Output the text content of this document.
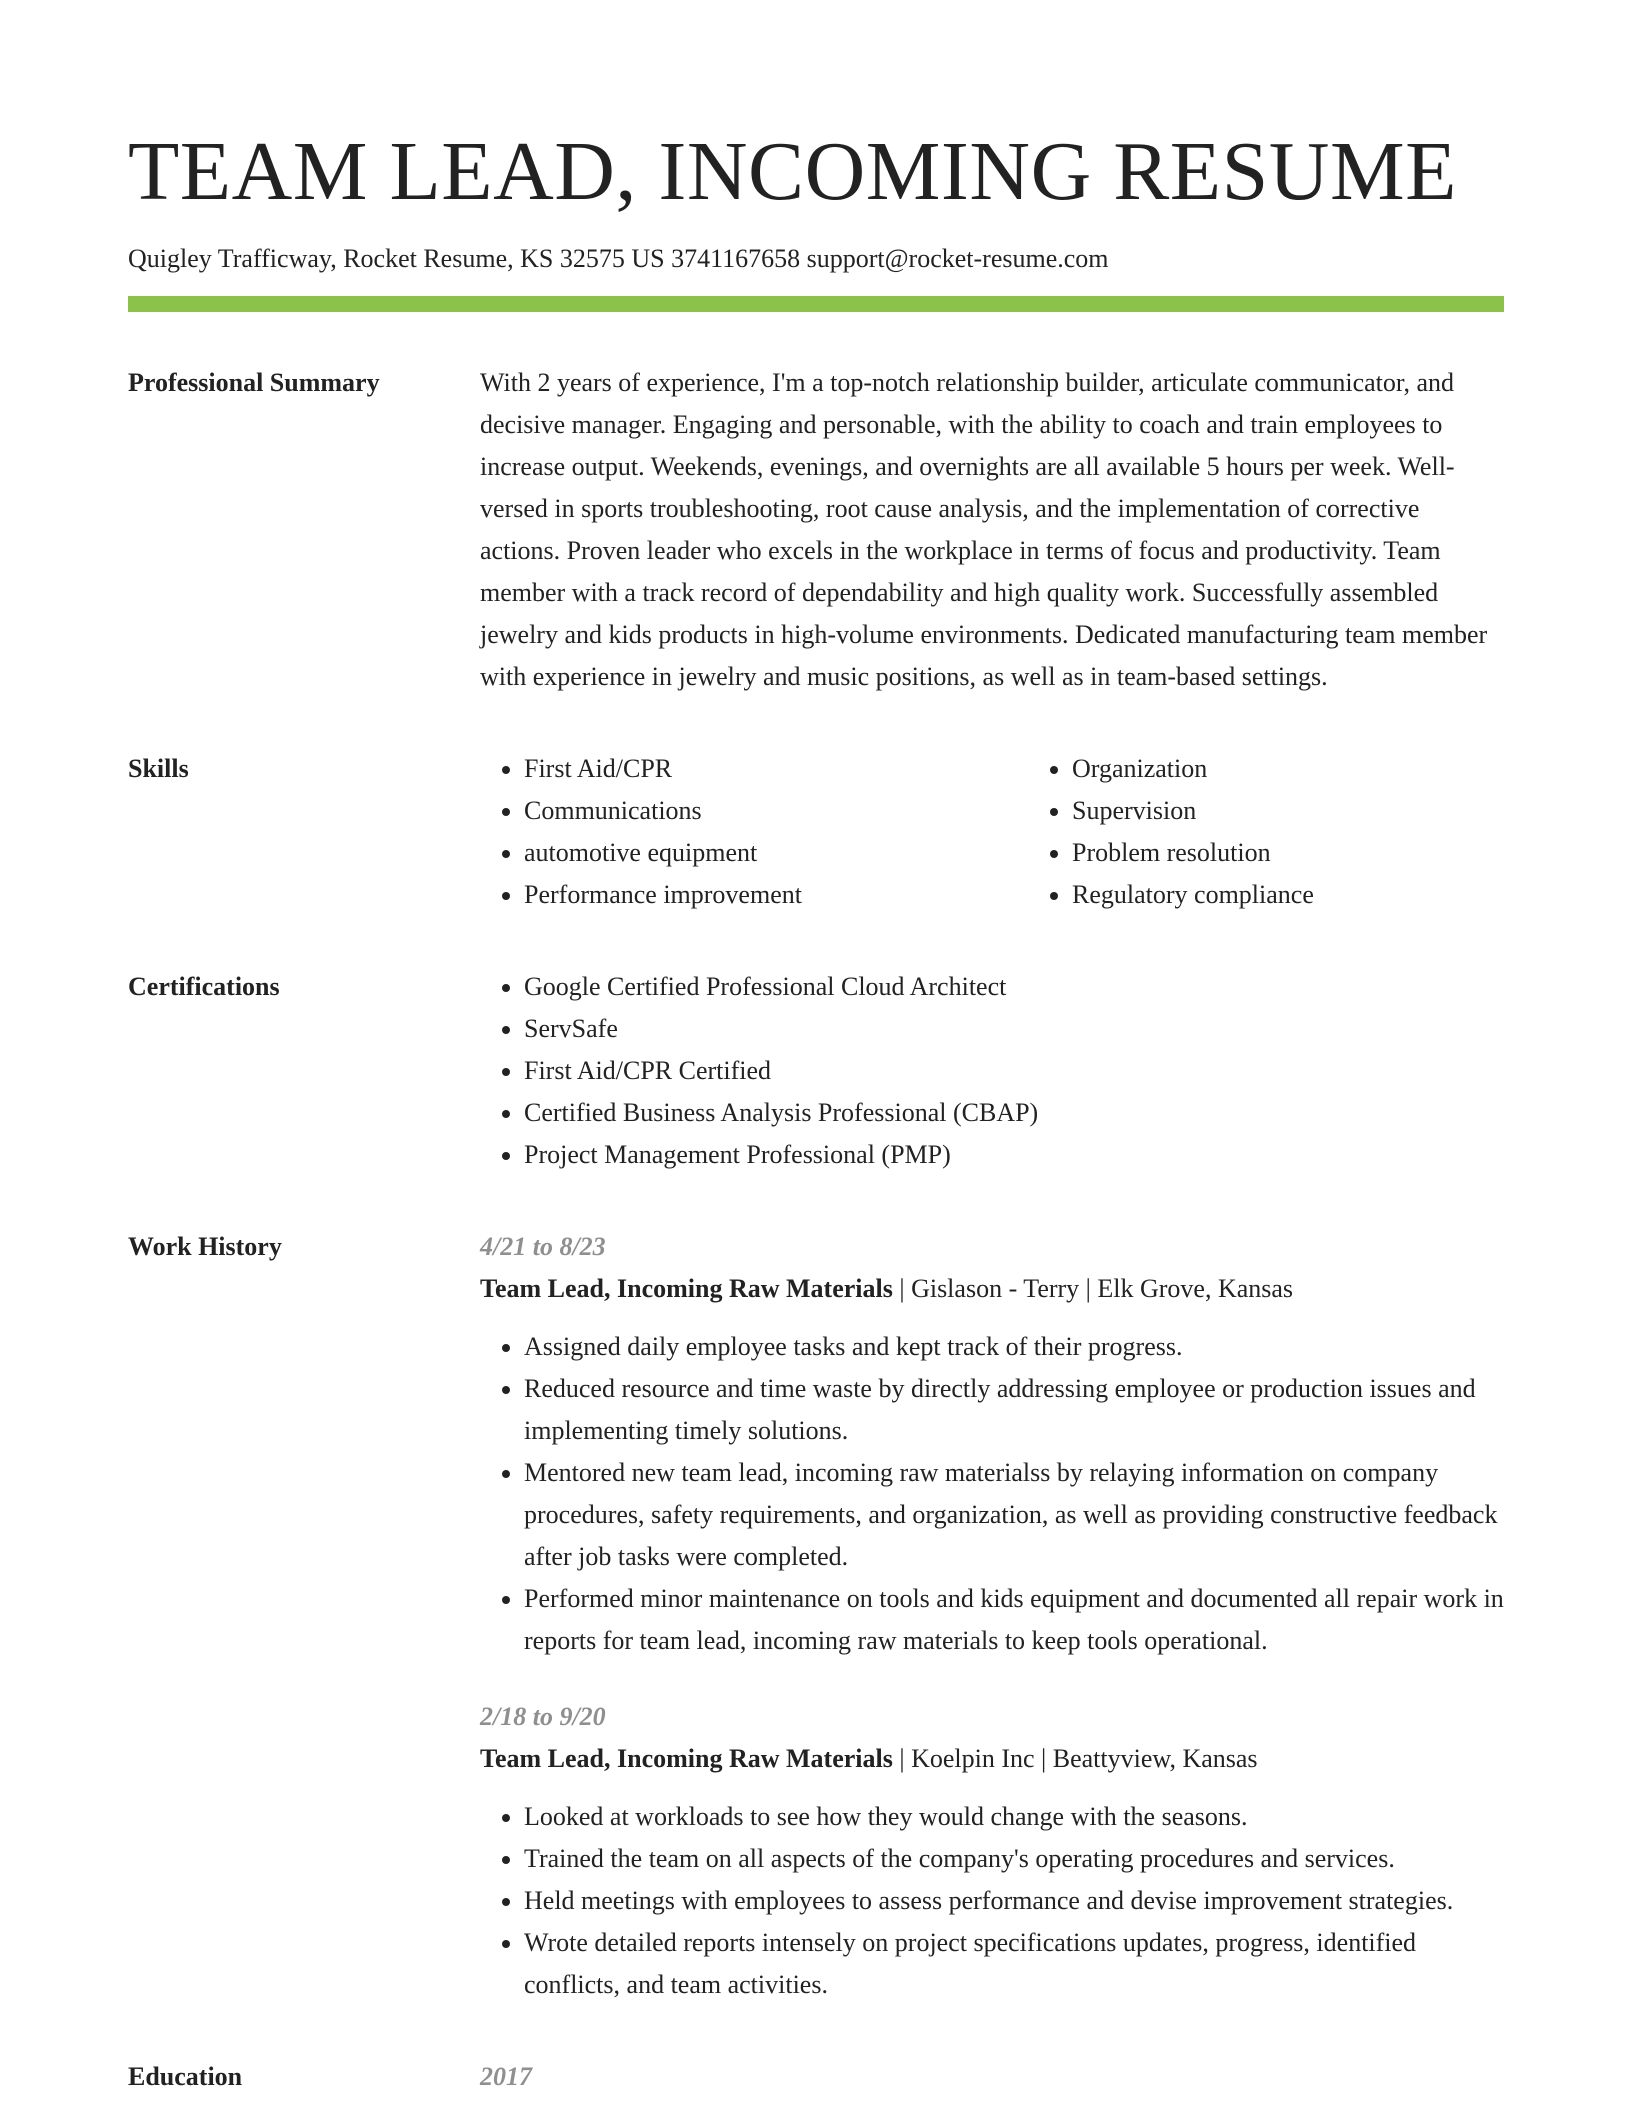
TEAM LEAD, INCOMING RESUME
Quigley Trafficway, Rocket Resume, KS 32575 US 3741167658 support@rocket-resume.com
Professional Summary	With 2 years of experience, I'm a top-notch relationship builder, articulate communicator, and decisive manager. Engaging and personable, with the ability to coach and train employees to increase output. Weekends, evenings, and overnights are all available 5 hours per week. Well-versed in sports troubleshooting, root cause analysis, and the implementation of corrective actions. Proven leader who excels in the workplace in terms of focus and productivity. Team member with a track record of dependability and high quality work. Successfully assembled jewelry and kids products in high-volume environments. Dedicated manufacturing team member with experience in jewelry and music positions, as well as in team-based settings.

Skills	• First Aid/CPR
• Communications
• automotive equipment
• Performance improvement
• Organization
• Supervision
• Problem resolution
• Regulatory compliance
Certifications	• Google Certified Professional Cloud Architect
• ServSafe
• First Aid/CPR Certified
• Certified Business Analysis Professional (CBAP)
• Project Management Professional (PMP)
Work History	4/21 to 8/23
Team Lead, Incoming Raw Materials | Gislason - Terry | Elk Grove, Kansas
• Assigned daily employee tasks and kept track of their progress.
• Reduced resource and time waste by directly addressing employee or production issues and implementing timely solutions.
• Mentored new team lead, incoming raw materialss by relaying information on company procedures, safety requirements, and organization, as well as providing constructive feedback after job tasks were completed.
• Performed minor maintenance on tools and kids equipment and documented all repair work in reports for team lead, incoming raw materials to keep tools operational.
2/18 to 9/20
Team Lead, Incoming Raw Materials | Koelpin Inc | Beattyview, Kansas
• Looked at workloads to see how they would change with the seasons.
• Trained the team on all aspects of the company's operating procedures and services.
• Held meetings with employees to assess performance and devise improvement strategies.
• Wrote detailed reports intensely on project specifications updates, progress, identified conflicts, and team activities.
Education	2017
